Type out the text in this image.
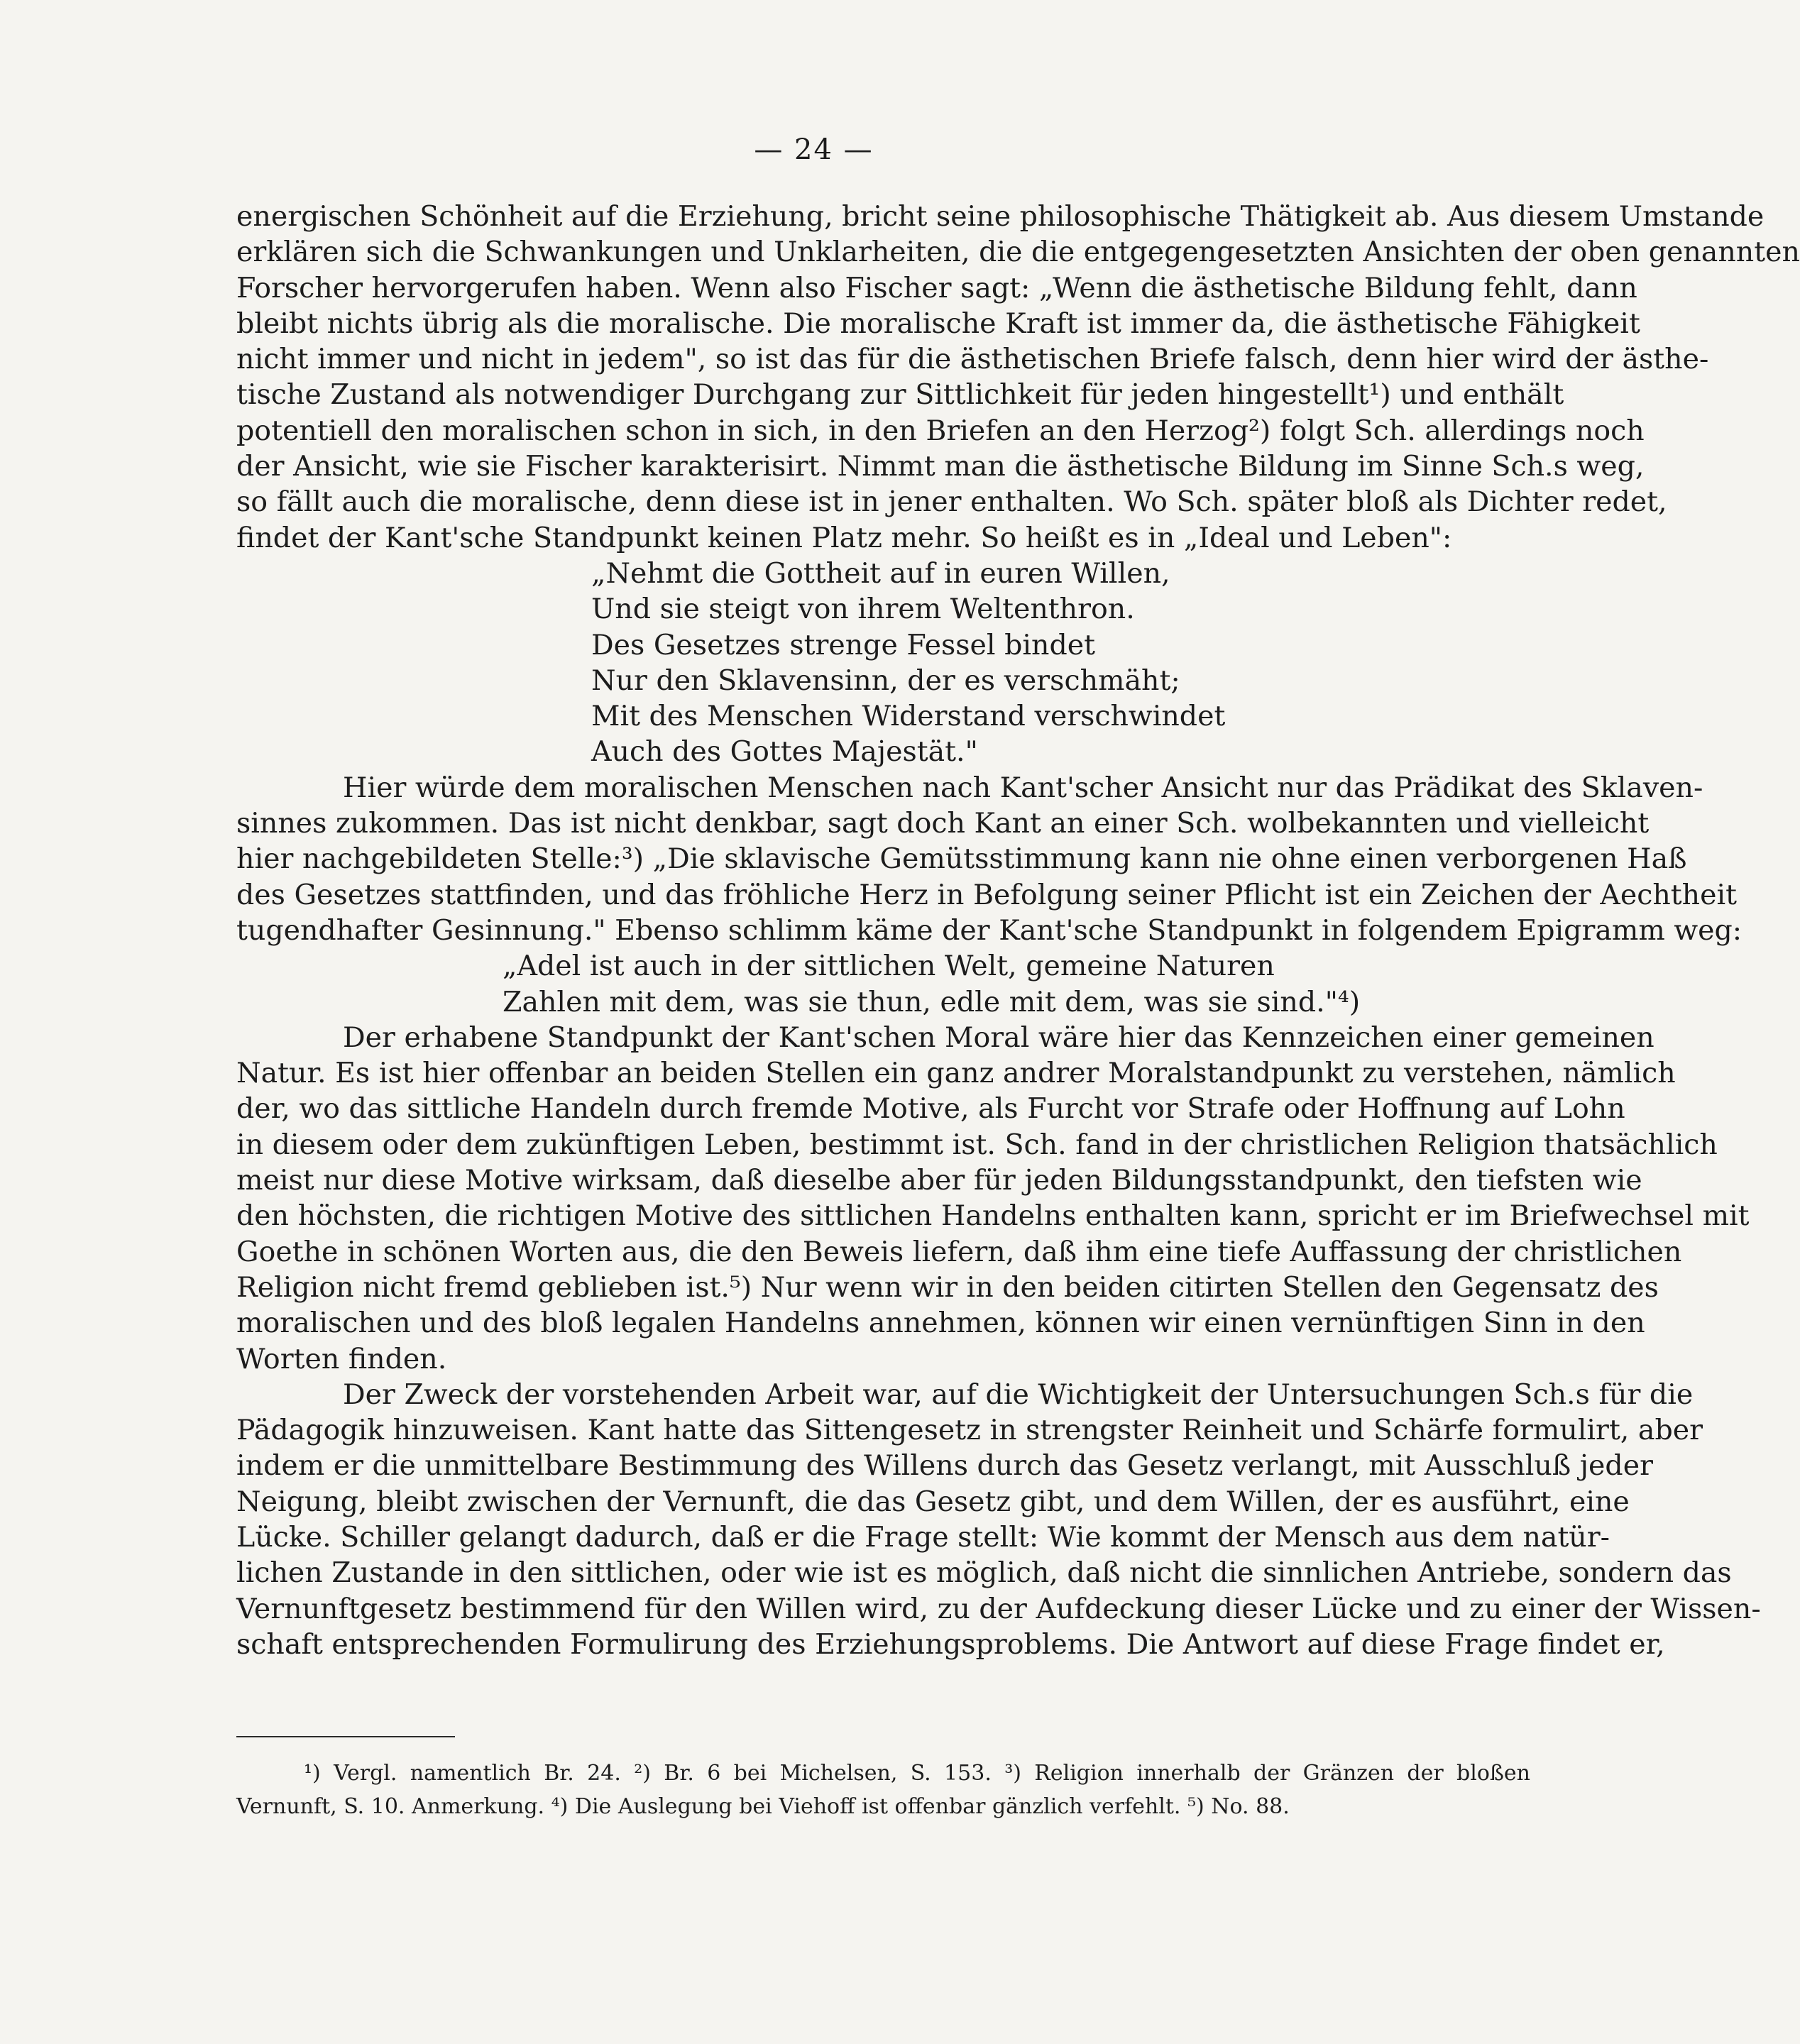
— 24 —
energischen Schönheit auf die Erziehung, bricht seine philosophische Thätigkeit ab. Aus diesem Umstande
erklären sich die Schwankungen und Unklarheiten, die die entgegengesetzten Ansichten der oben genannten
Forscher hervorgerufen haben. Wenn also Fischer sagt: „Wenn die ästhetische Bildung fehlt, dann
bleibt nichts übrig als die moralische. Die moralische Kraft ist immer da, die ästhetische Fähigkeit
nicht immer und nicht in jedem", so ist das für die ästhetischen Briefe falsch, denn hier wird der ästhe-
tische Zustand als notwendiger Durchgang zur Sittlichkeit für jeden hingestellt¹) und enthält
potentiell den moralischen schon in sich, in den Briefen an den Herzog²) folgt Sch. allerdings noch
der Ansicht, wie sie Fischer karakterisirt. Nimmt man die ästhetische Bildung im Sinne Sch.s weg,
so fällt auch die moralische, denn diese ist in jener enthalten. Wo Sch. später bloß als Dichter redet,
findet der Kant'sche Standpunkt keinen Platz mehr. So heißt es in „Ideal und Leben":
„Nehmt die Gottheit auf in euren Willen,
Und sie steigt von ihrem Weltenthron.
Des Gesetzes strenge Fessel bindet
Nur den Sklavensinn, der es verschmäht;
Mit des Menschen Widerstand verschwindet
Auch des Gottes Majestät."
Hier würde dem moralischen Menschen nach Kant'scher Ansicht nur das Prädikat des Sklaven-
sinnes zukommen. Das ist nicht denkbar, sagt doch Kant an einer Sch. wolbekannten und vielleicht
hier nachgebildeten Stelle:³) „Die sklavische Gemütsstimmung kann nie ohne einen verborgenen Haß
des Gesetzes stattfinden, und das fröhliche Herz in Befolgung seiner Pflicht ist ein Zeichen der Aechtheit
tugendhafter Gesinnung." Ebenso schlimm käme der Kant'sche Standpunkt in folgendem Epigramm weg:
„Adel ist auch in der sittlichen Welt, gemeine Naturen
Zahlen mit dem, was sie thun, edle mit dem, was sie sind."⁴)
Der erhabene Standpunkt der Kant'schen Moral wäre hier das Kennzeichen einer gemeinen
Natur. Es ist hier offenbar an beiden Stellen ein ganz andrer Moralstandpunkt zu verstehen, nämlich
der, wo das sittliche Handeln durch fremde Motive, als Furcht vor Strafe oder Hoffnung auf Lohn
in diesem oder dem zukünftigen Leben, bestimmt ist. Sch. fand in der christlichen Religion thatsächlich
meist nur diese Motive wirksam, daß dieselbe aber für jeden Bildungsstandpunkt, den tiefsten wie
den höchsten, die richtigen Motive des sittlichen Handelns enthalten kann, spricht er im Briefwechsel mit
Goethe in schönen Worten aus, die den Beweis liefern, daß ihm eine tiefe Auffassung der christlichen
Religion nicht fremd geblieben ist.⁵) Nur wenn wir in den beiden citirten Stellen den Gegensatz des
moralischen und des bloß legalen Handelns annehmen, können wir einen vernünftigen Sinn in den
Worten finden.
Der Zweck der vorstehenden Arbeit war, auf die Wichtigkeit der Untersuchungen Sch.s für die
Pädagogik hinzuweisen. Kant hatte das Sittengesetz in strengster Reinheit und Schärfe formulirt, aber
indem er die unmittelbare Bestimmung des Willens durch das Gesetz verlangt, mit Ausschluß jeder
Neigung, bleibt zwischen der Vernunft, die das Gesetz gibt, und dem Willen, der es ausführt, eine
Lücke. Schiller gelangt dadurch, daß er die Frage stellt: Wie kommt der Mensch aus dem natür-
lichen Zustande in den sittlichen, oder wie ist es möglich, daß nicht die sinnlichen Antriebe, sondern das
Vernunftgesetz bestimmend für den Willen wird, zu der Aufdeckung dieser Lücke und zu einer der Wissen-
schaft entsprechenden Formulirung des Erziehungsproblems. Die Antwort auf diese Frage findet er,
¹) Vergl. namentlich Br. 24. ²) Br. 6 bei Michelsen, S. 153. ³) Religion innerhalb der Gränzen der bloßen
Vernunft, S. 10. Anmerkung. ⁴) Die Auslegung bei Viehoff ist offenbar gänzlich verfehlt. ⁵) No. 88.
